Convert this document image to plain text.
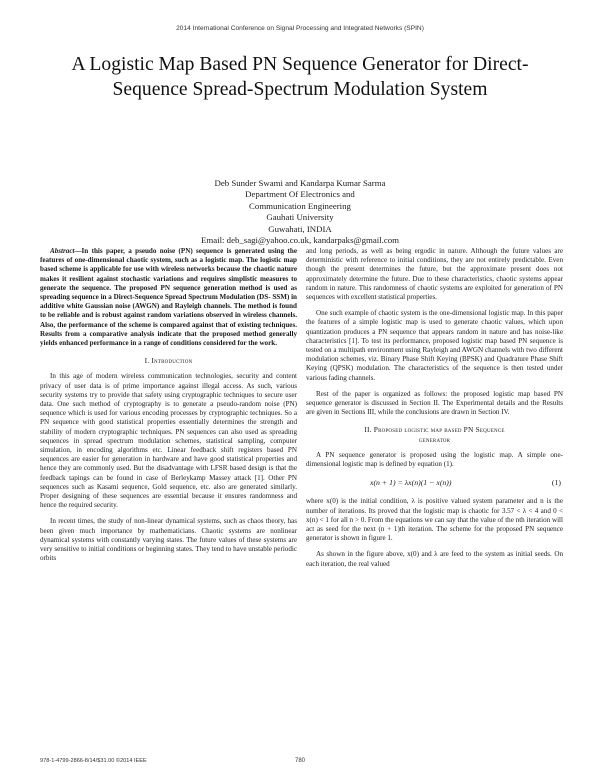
2014 International Conference on Signal Processing and Integrated Networks (SPIN)
A Logistic Map Based PN Sequence Generator for Direct-Sequence Spread-Spectrum Modulation System
Deb Sunder Swami and Kandarpa Kumar Sarma
Department Of Electronics and
Communication Engineering
Gauhati University
Guwahati, INDIA
Email: deb_sagi@yahoo.co.uk, kandarpaks@gmail.com

Abstract—In this paper, a pseudo noise (PN) sequence is generated using the features of one-dimensional chaotic system, such as a logistic map. The logistic map based scheme is applicable for use with wireless networks because the chaotic nature makes it resilient against stochastic variations and requires simplistic measures to generate the sequence. The proposed PN sequence generation method is used as spreading sequence in a Direct-Sequence Spread Spectrum Modulation (DS- SSM) in additive white Gaussian noise (AWGN) and Rayleigh channels. The method is found to be reliable and is robust against random variations observed in wireless channels. Also, the performance of the scheme is compared against that of existing techniques. Results from a comparative analysis indicate that the proposed method generally yields enhanced performance in a range of conditions considered for the work.

I. Introduction

In this age of modern wireless communication technologies, security and content privacy of user data is of prime importance against illegal access. As such, various security systems try to provide that safety using cryptographic techniques to secure user data. One such method of cryptography is to generate a pseudo-random noise (PN) sequence which is used for various encoding processes by cryptographic techniques. So a PN sequence with good statistical properties essentially determines the strength and stability of modern cryptographic techniques. PN sequences can also used as spreading sequences in spread spectrum modulation schemes, statistical sampling, computer simulation, in encoding algorithms etc. Linear feedback shift registers based PN sequences are easier for generation in hardware and have good statistical properties and hence they are commonly used. But the disadvantage with LFSR based design is that the feedback tapings can be found in case of Berleykamp Massey attack [1]. Other PN sequences such as Kasami sequence, Gold sequence, etc. also are generated similarly. Proper designing of these sequences are essential because it ensures randomness and hence the required security.

In recent times, the study of non-linear dynamical systems, such as chaos theory, has been given much importance by mathematicians. Chaotic systems are nonlinear dynamical systems with constantly varying states. The future values of these systems are very sensitive to initial conditions or beginning states. They tend to have unstable periodic orbits

and long periods, as well as being ergodic in nature. Although the future values are deterministic with reference to initial conditions, they are not entirely predictable. Even though the present determines the future, but the approximate present does not approximately determine the future. Due to these characteristics, chaotic systems appear random in nature. This randomness of chaotic systems are exploited for generation of PN sequences with excellent statistical properties.

One such example of chaotic system is the one-dimensional logistic map. In this paper the features of a simple logistic map is used to generate chaotic values, which upon quantization produces a PN sequence that appears random in nature and has noise-like characteristics [1]. To test its performance, proposed logistic map based PN sequence is tested on a multipath environment using Rayleigh and AWGN channels with two different modulation schemes, viz. Binary Phase Shift Keying (BPSK) and Quadrature Phase Shift Keying (QPSK) modulation. The characteristics of the sequence is then tested under various fading channels.

Rest of the paper is organized as follows: the proposed logistic map based PN sequence generator is discussed in Section II. The Experimental details and the Results are given in Sections III, while the conclusions are drawn in Section IV.

II. Proposed logistic map based PN Sequence
generator

A PN sequence generator is proposed using the logistic map. A simple one-dimensional logistic map is defined by equation (1).

x(n + 1) = λx(n)(1 − x(n))	(1)

where x(0) is the initial condition, λ is positive valued system parameter and n is the number of iterations. Its proved that the logistic map is chaotic for 3.57 < λ < 4 and 0 < x(n) < 1 for all n > 0. From the equations we can say that the value of the nth iteration will act as seed for the next (n + 1)th iteration. The scheme for the proposed PN sequence generator is shown in figure 1.

As shown in the figure above, x(0) and λ are feed to the system as initial seeds. On each iteration, the real valued

978-1-4799-2866-8/14/$31.00 ©2014 IEEE	780
